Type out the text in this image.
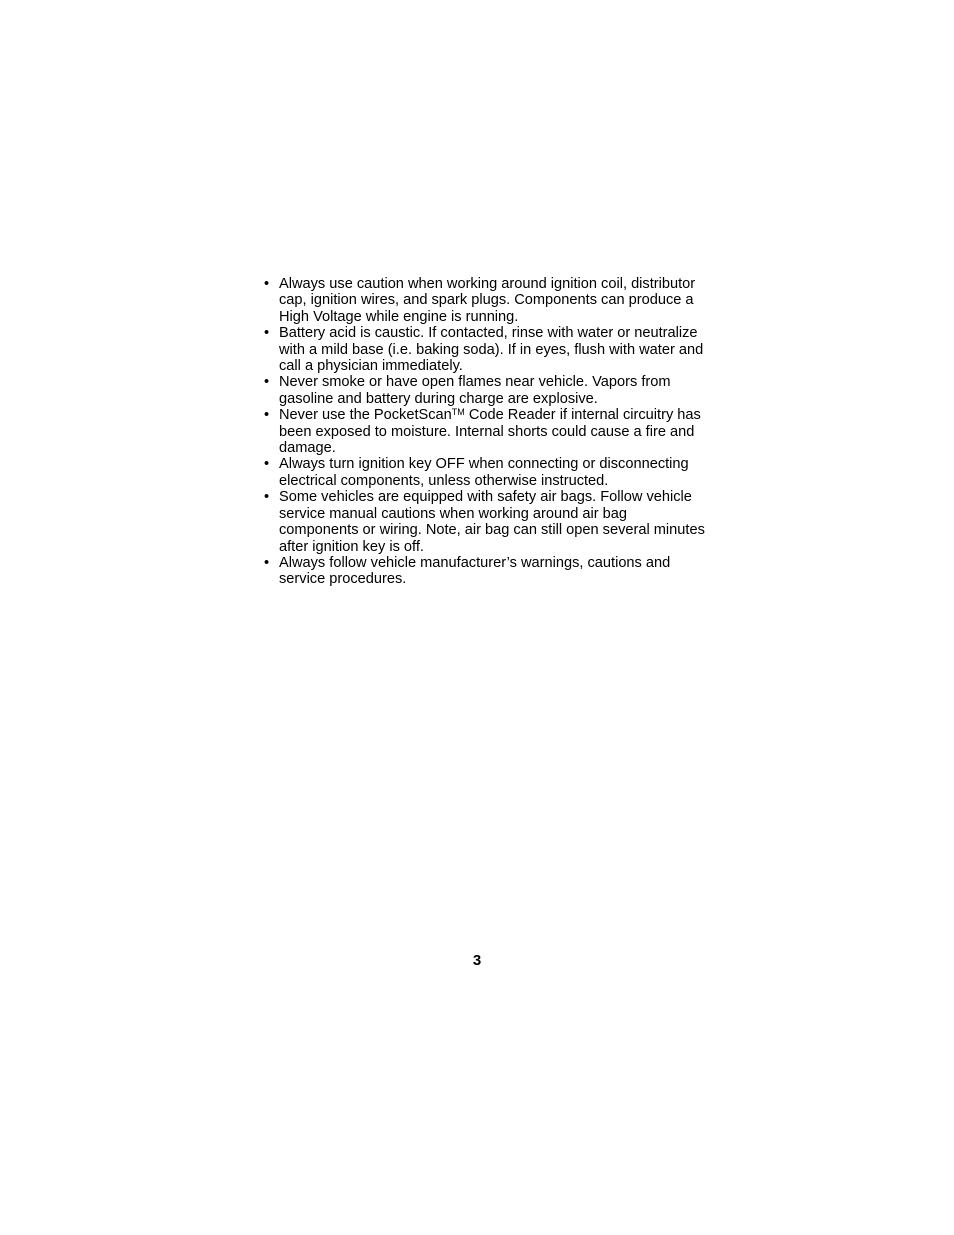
• Always use caution when working around ignition coil, distributor cap, ignition wires, and spark plugs. Components can produce a High Voltage while engine is running.
• Battery acid is caustic. If contacted, rinse with water or neutralize with a mild base (i.e. baking soda). If in eyes, flush with water and call a physician immediately.
• Never smoke or have open flames near vehicle. Vapors from gasoline and battery during charge are explosive.
• Never use the PocketScan™ Code Reader if internal circuitry has been exposed to moisture. Internal shorts could cause a fire and damage.
• Always turn ignition key OFF when connecting or disconnecting electrical components, unless otherwise instructed.
• Some vehicles are equipped with safety air bags. Follow vehicle service manual cautions when working around air bag components or wiring. Note, air bag can still open several minutes after ignition key is off.
• Always follow vehicle manufacturer’s warnings, cautions and service procedures.
3
